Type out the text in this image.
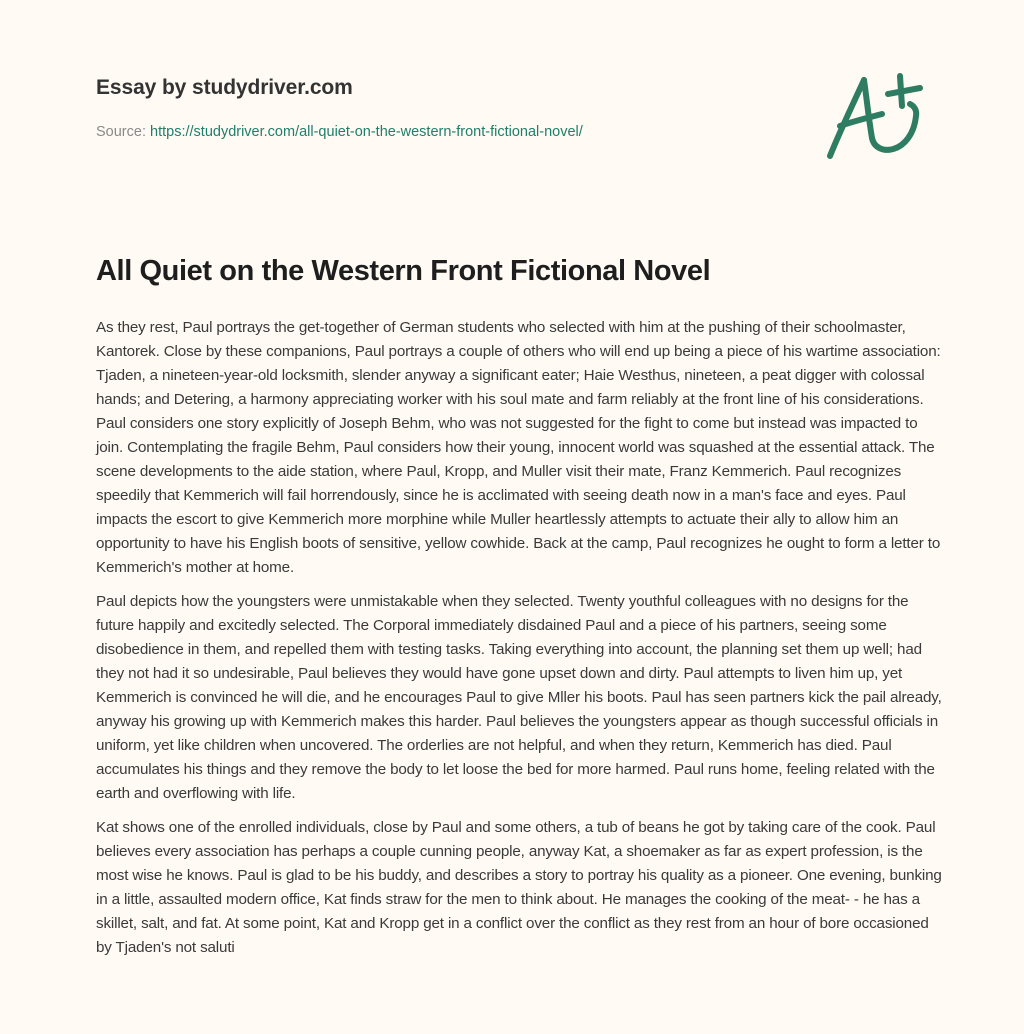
Essay by studydriver.com
Source: https://studydriver.com/all-quiet-on-the-western-front-fictional-novel/
All Quiet on the Western Front Fictional Novel

As they rest, Paul portrays the get-together of German students who selected with him at the pushing of their schoolmaster, Kantorek. Close by these companions, Paul portrays a couple of others who will end up being a piece of his wartime association: Tjaden, a nineteen-year-old locksmith, slender anyway a significant eater; Haie Westhus, nineteen, a peat digger with colossal hands; and Detering, a harmony appreciating worker with his soul mate and farm reliably at the front line of his considerations. Paul considers one story explicitly of Joseph Behm, who was not suggested for the fight to come but instead was impacted to join. Contemplating the fragile Behm, Paul considers how their young, innocent world was squashed at the essential attack. The scene developments to the aide station, where Paul, Kropp, and Muller visit their mate, Franz Kemmerich. Paul recognizes speedily that Kemmerich will fail horrendously, since he is acclimated with seeing death now in a man's face and eyes. Paul impacts the escort to give Kemmerich more morphine while Muller heartlessly attempts to actuate their ally to allow him an opportunity to have his English boots of sensitive, yellow cowhide. Back at the camp, Paul recognizes he ought to form a letter to Kemmerich's mother at home.

Paul depicts how the youngsters were unmistakable when they selected. Twenty youthful colleagues with no designs for the future happily and excitedly selected. The Corporal immediately disdained Paul and a piece of his partners, seeing some disobedience in them, and repelled them with testing tasks. Taking everything into account, the planning set them up well; had they not had it so undesirable, Paul believes they would have gone upset down and dirty. Paul attempts to liven him up, yet Kemmerich is convinced he will die, and he encourages Paul to give Mller his boots. Paul has seen partners kick the pail already, anyway his growing up with Kemmerich makes this harder. Paul believes the youngsters appear as though successful officials in uniform, yet like children when uncovered. The orderlies are not helpful, and when they return, Kemmerich has died. Paul accumulates his things and they remove the body to let loose the bed for more harmed. Paul runs home, feeling related with the earth and overflowing with life.

Kat shows one of the enrolled individuals, close by Paul and some others, a tub of beans he got by taking care of the cook. Paul believes every association has perhaps a couple cunning people, anyway Kat, a shoemaker as far as expert profession, is the most wise he knows. Paul is glad to be his buddy, and describes a story to portray his quality as a pioneer. One evening, bunking in a little, assaulted modern office, Kat finds straw for the men to think about. He manages the cooking of the meat- - he has a skillet, salt, and fat. At some point, Kat and Kropp get in a conflict over the conflict as they rest from an hour of bore occasioned by Tjaden's not saluti
